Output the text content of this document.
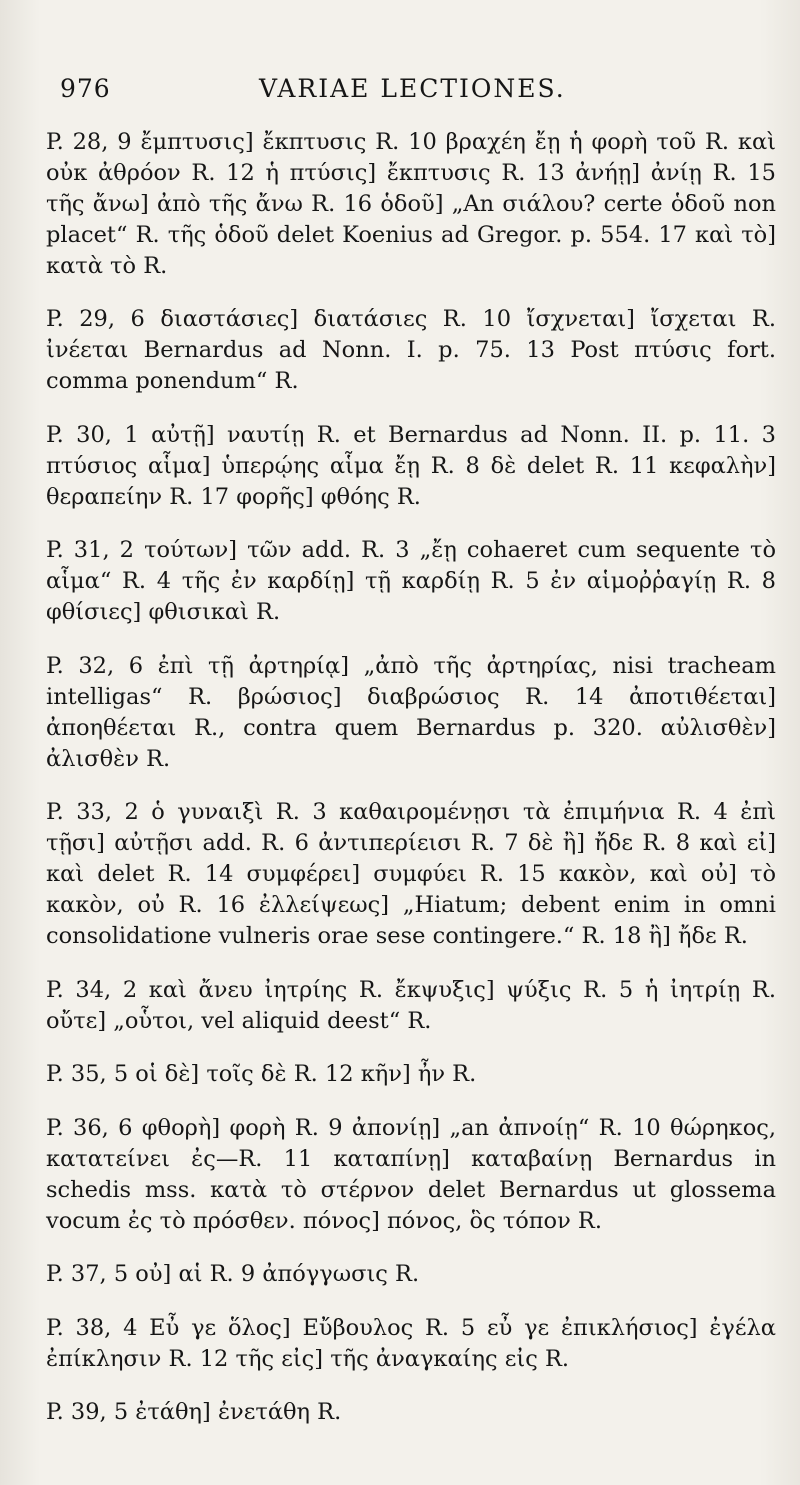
976	VARIAE LECTIONES.

P. 28, 9 ἔμπτυσις] ἔκπτυσις R. 10 βραχέη ἔῃ ἡ φορὴ τοῦ R. καὶ οὐκ ἀθρόον R. 12 ἡ πτύσις] ἔκπτυσις R. 13 ἀνήῃ] ἀνίῃ R. 15 τῆς ἄνω] ἀπὸ τῆς ἄνω R. 16 ὁδοῦ] „An σιάλου? certe ὁδοῦ non placet“ R. τῆς ὁδοῦ delet Koenius ad Gregor. p. 554. 17 καὶ τὸ] κατὰ τὸ R.

P. 29, 6 διαστάσιες] διατάσιες R. 10 ἴσχνεται] ἴσχεται R. ἰνέεται Bernardus ad Nonn. I. p. 75. 13 Post πτύσις fort. comma ponendum“ R.

P. 30, 1 αὐτῇ] ναυτίῃ R. et Bernardus ad Nonn. II. p. 11. 3 πτύσιος αἷμα] ὑπερῴης αἷμα ἔῃ R. 8 δὲ delet R. 11 κεφαλὴν] θεραπείην R. 17 φορῆς] φθόης R.

P. 31, 2 τούτων] τῶν add. R. 3 „ἔῃ cohaeret cum sequente τὸ αἷμα“ R. 4 τῆς ἐν καρδίῃ] τῇ καρδίῃ R. 5 ἐν αἱμοῤῥαγίῃ R. 8 φθίσιες] φθισικαὶ R.

P. 32, 6 ἐπὶ τῇ ἀρτηρίᾳ] „ἀπὸ τῆς ἀρτηρίας, nisi tracheam intelligas“ R. βρώσιος] διαβρώσιος R. 14 ἀποτιθέεται] ἀποηθέεται R., contra quem Bernardus p. 320. αὐλισθὲν] ἀλισθὲν R.

P. 33, 2 ὁ γυναιξὶ R. 3 καθαιρομένῃσι τὰ ἐπιμήνια R. 4 ἐπὶ τῇσι] αὐτῇσι add. R. 6 ἀντιπερίεισι R. 7 δὲ ἢ] ἤδε R. 8 καὶ εἰ] καὶ delet R. 14 συμφέρει] συμφύει R. 15 κακὸν, καὶ οὐ] τὸ κακὸν, οὐ R. 16 ἐλλείψεως] „Hiatum; debent enim in omni consolidatione vulneris orae sese contingere.“ R. 18 ἢ] ἤδε R.

P. 34, 2 καὶ ἄνευ ἰητρίης R. ἔκψυξις] ψύξις R. 5 ἡ ἰητρίῃ R. οὔτε] „οὗτοι, vel aliquid deest“ R.

P. 35, 5 οἱ δὲ] τοῖς δὲ R. 12 κῆν] ἦν R.

P. 36, 6 φθορὴ] φορὴ R. 9 ἀπονίῃ] „an ἀπνοίῃ“ R. 10 θώρηκος, κατατείνει ἐς—R. 11 καταπίνῃ] καταβαίνῃ Bernardus in schedis mss. κατὰ τὸ στέρνον delet Bernardus ut glossema vocum ἐς τὸ πρόσθεν. πόνος] πόνος, ὃς τόπον R.

P. 37, 5 οὐ] αἱ R. 9 ἀπόγγωσις R.

P. 38, 4 Εὖ γε ὅλος] Εὔβουλος R. 5 εὖ γε ἐπικλήσιος] ἐγέλα ἐπίκλησιν R. 12 τῆς εἰς] τῆς ἀναγκαίης εἰς R.

P. 39, 5 ἐτάθη] ἐνετάθη R.
